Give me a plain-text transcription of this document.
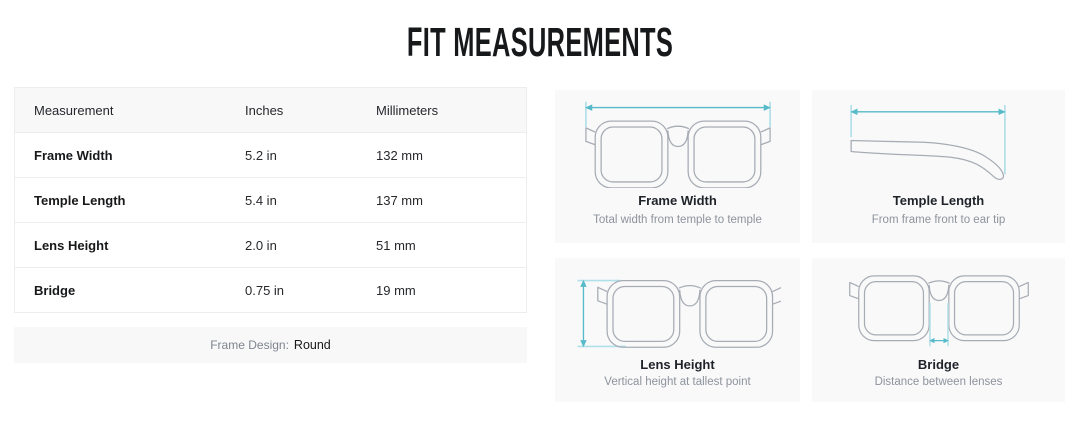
FIT MEASUREMENTS
Measurement	Inches	Millimeters
Frame Width	5.2 in	132 mm
Temple Length	5.4 in	137 mm
Lens Height	2.0 in	51 mm
Bridge	0.75 in	19 mm
Frame Design: Round
Frame Width
Total width from temple to temple
Temple Length
From frame front to ear tip
Lens Height
Vertical height at tallest point
Bridge
Distance between lenses
